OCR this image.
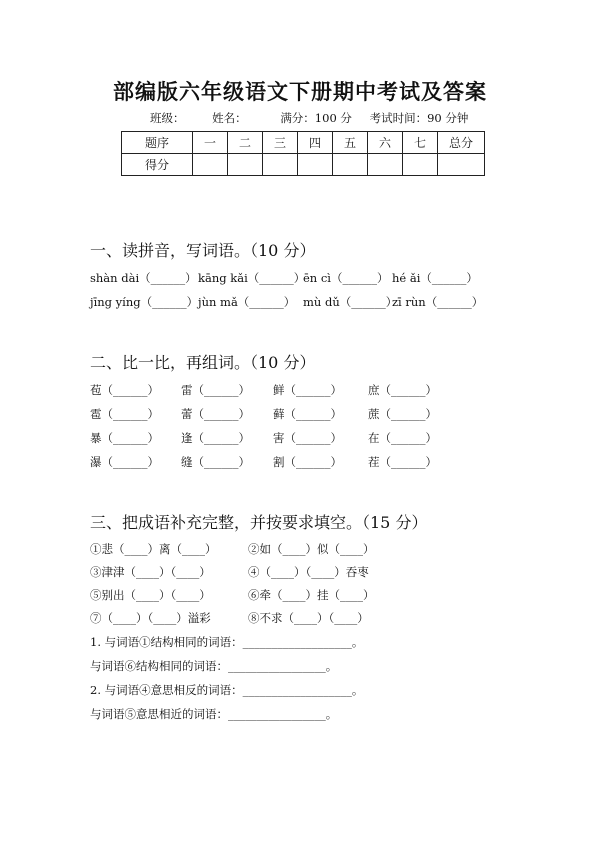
部编版六年级语文下册期中考试及答案
班级： 姓名：	满分：100 分 考试时间：90 分钟
题序	一	二	三	四	五	六	七	总分
得分								
一、读拼音，写词语。（10 分）
shàn dài（______） kāng kǎi（______）
ēn cì（______） hé ǎi（______）
jīng yíng（______） jùn mǎ（______） mù dǔ（______）
zī rùn（______）
二、比一比，再组词。（10 分）
苞（______） 雷（______） 鲜（______） 庶（______）
雹（______） 蕾（______） 藓（______） 蔗（______）
暴（______） 逢（______） 害（______） 在（______）
瀑（______） 缝（______） 割（______） 茬（______）
三、把成语补充完整，并按要求填空。（15 分）
①悲（____）离（____）	②如（____）似（____）
③津津（____）（____）	④（____）（____）吞枣
⑤别出（____）（____）	⑥牵（____）挂（____）
⑦（____）（____）溢彩	⑧不求（____）（____）
1. 与词语①结构相同的词语：___________________。
与词语⑥结构相同的词语：_________________。
2. 与词语④意思相反的词语：___________________。
与词语⑤意思相近的词语：_________________。
